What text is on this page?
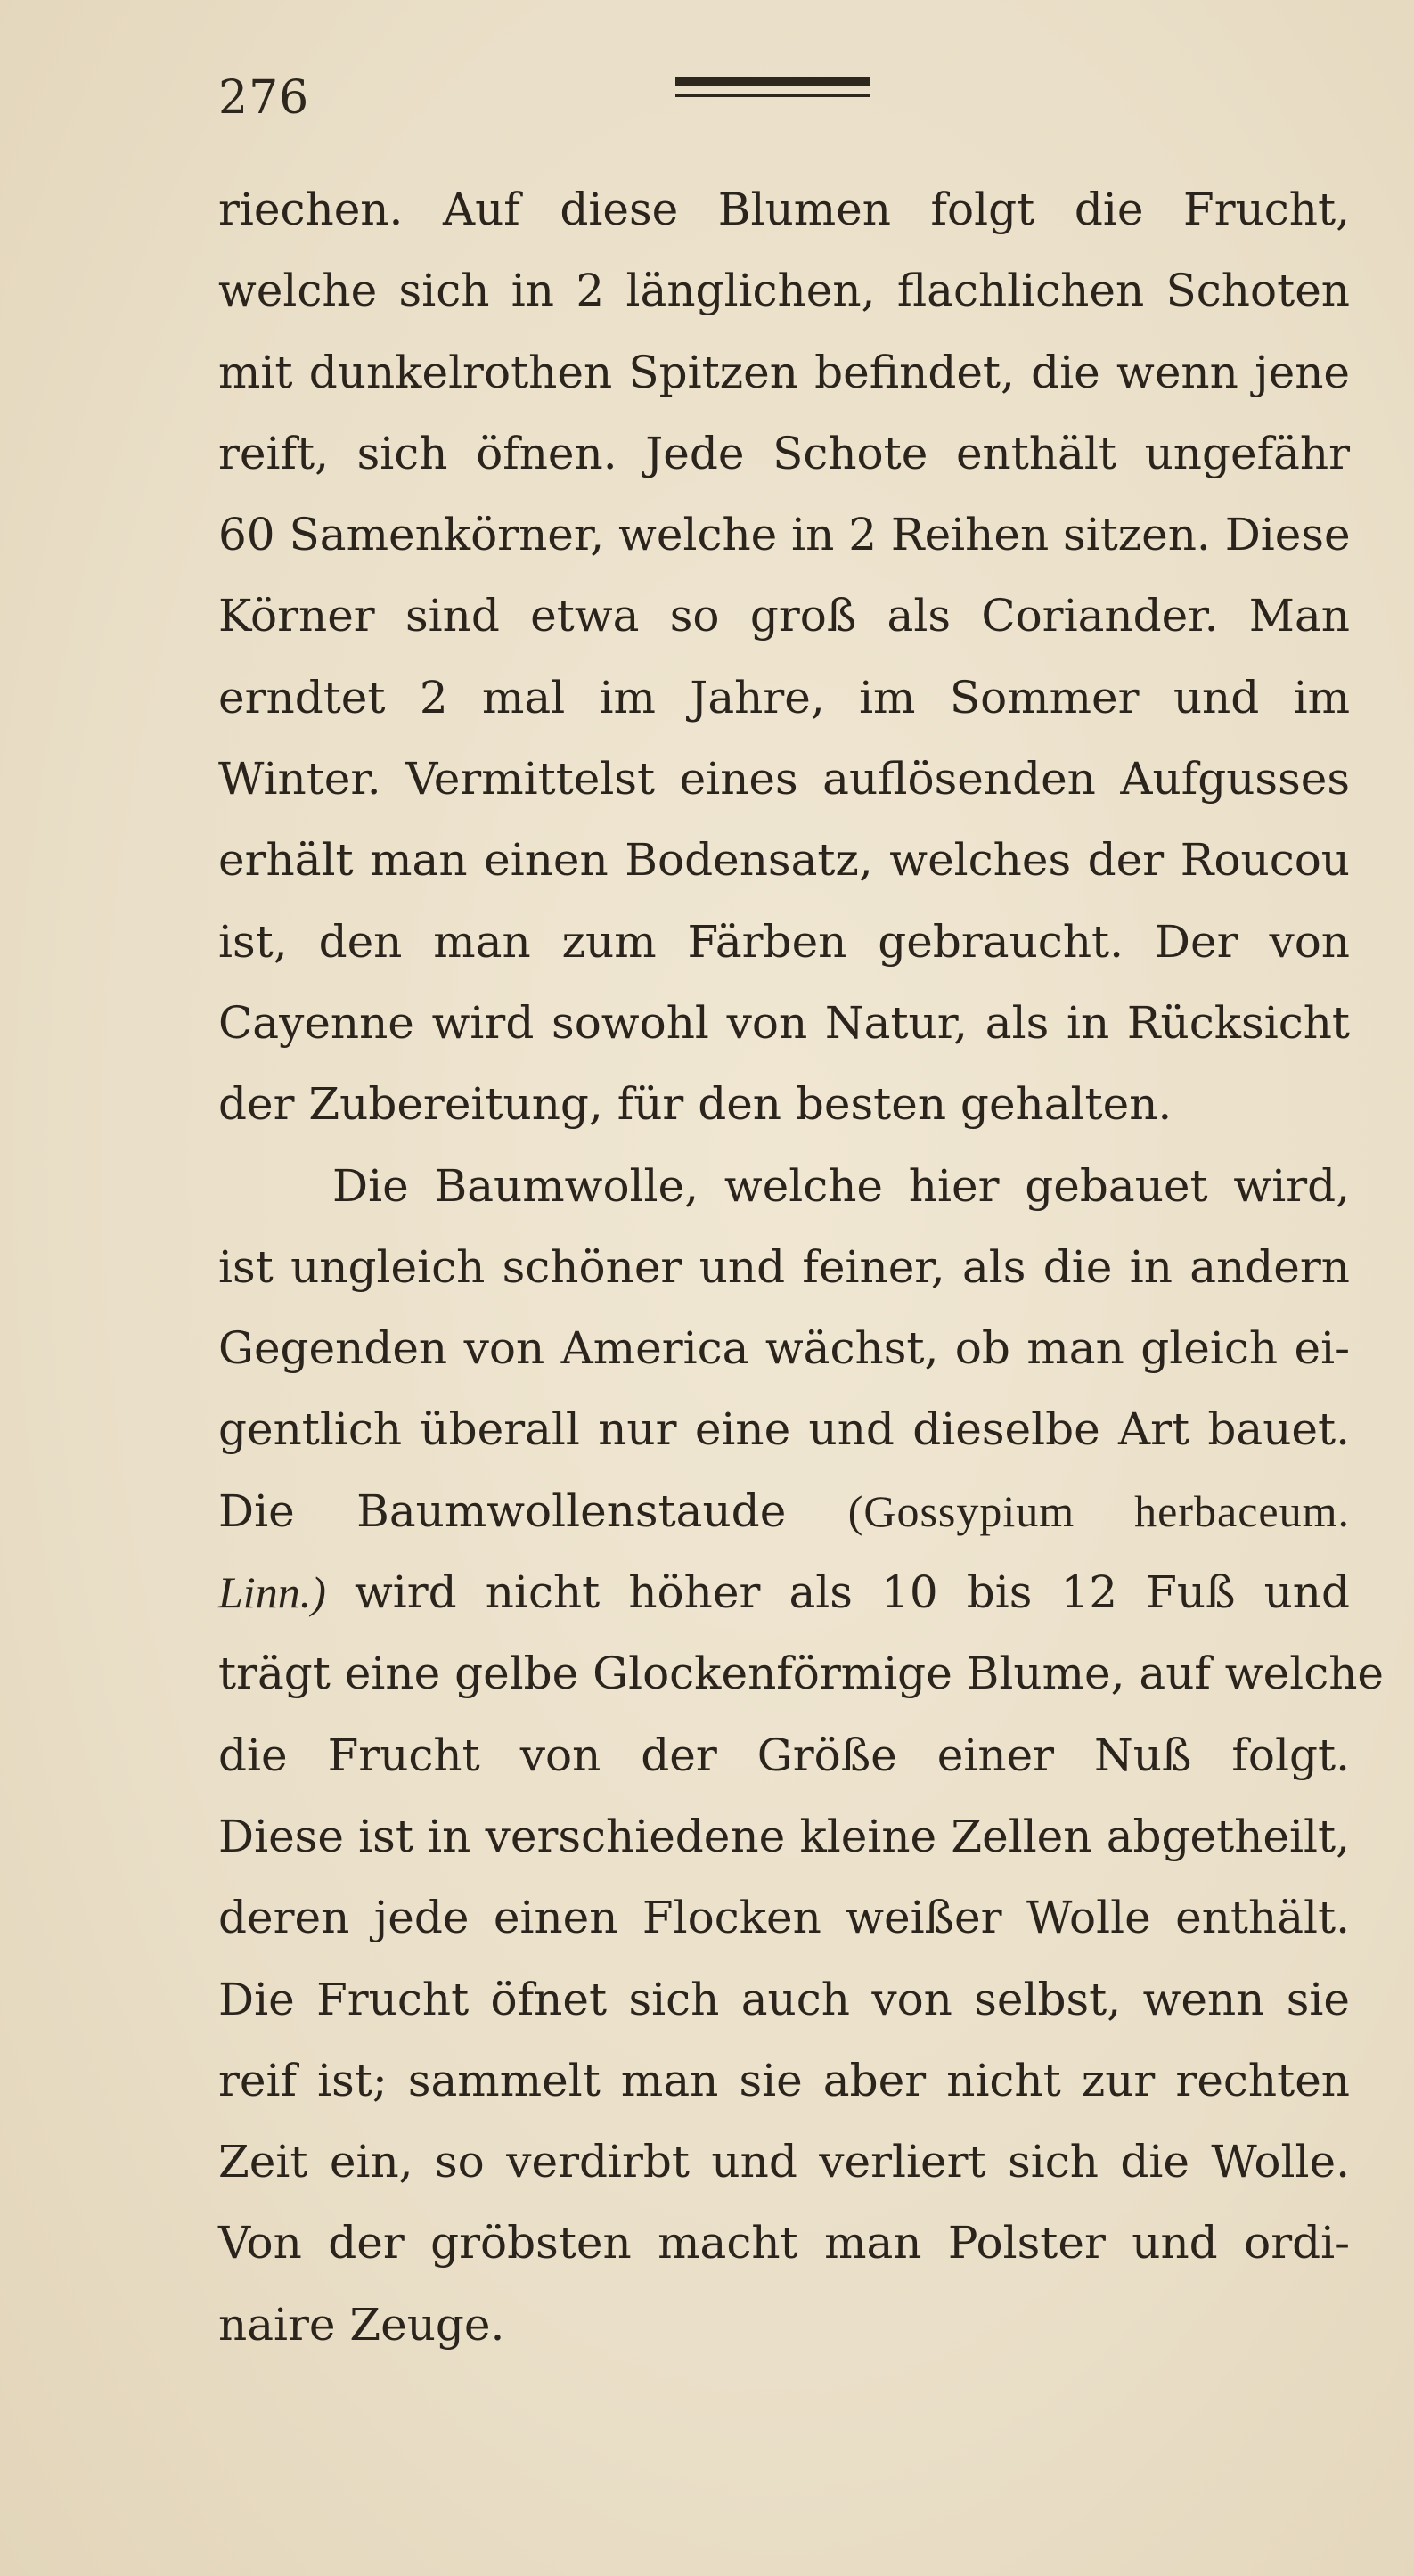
276
riechen. Auf diese Blumen folgt die Frucht,
welche sich in 2 länglichen, flachlichen Schoten
mit dunkelrothen Spitzen befindet, die wenn jene
reift, sich öfnen. Jede Schote enthält ungefähr
60 Samenkörner, welche in 2 Reihen sitzen. Diese
Körner sind etwa so groß als Coriander. Man
erndtet 2 mal im Jahre, im Sommer und im
Winter. Vermittelst eines auflösenden Aufgusses
erhält man einen Bodensatz, welches der Roucou
ist, den man zum Färben gebraucht. Der von
Cayenne wird sowohl von Natur, als in Rücksicht
der Zubereitung, für den besten gehalten.
Die Baumwolle, welche hier gebauet wird,
ist ungleich schöner und feiner, als die in andern
Gegenden von America wächst, ob man gleich ei-
gentlich überall nur eine und dieselbe Art bauet.
Die Baumwollenstaude (Gossypium herbaceum.
Linn.) wird nicht höher als 10 bis 12 Fuß und
trägt eine gelbe Glockenförmige Blume, auf welche
die Frucht von der Größe einer Nuß folgt.
Diese ist in verschiedene kleine Zellen abgetheilt,
deren jede einen Flocken weißer Wolle enthält.
Die Frucht öfnet sich auch von selbst, wenn sie
reif ist; sammelt man sie aber nicht zur rechten
Zeit ein, so verdirbt und verliert sich die Wolle.
Von der gröbsten macht man Polster und ordi-
naire Zeuge.
